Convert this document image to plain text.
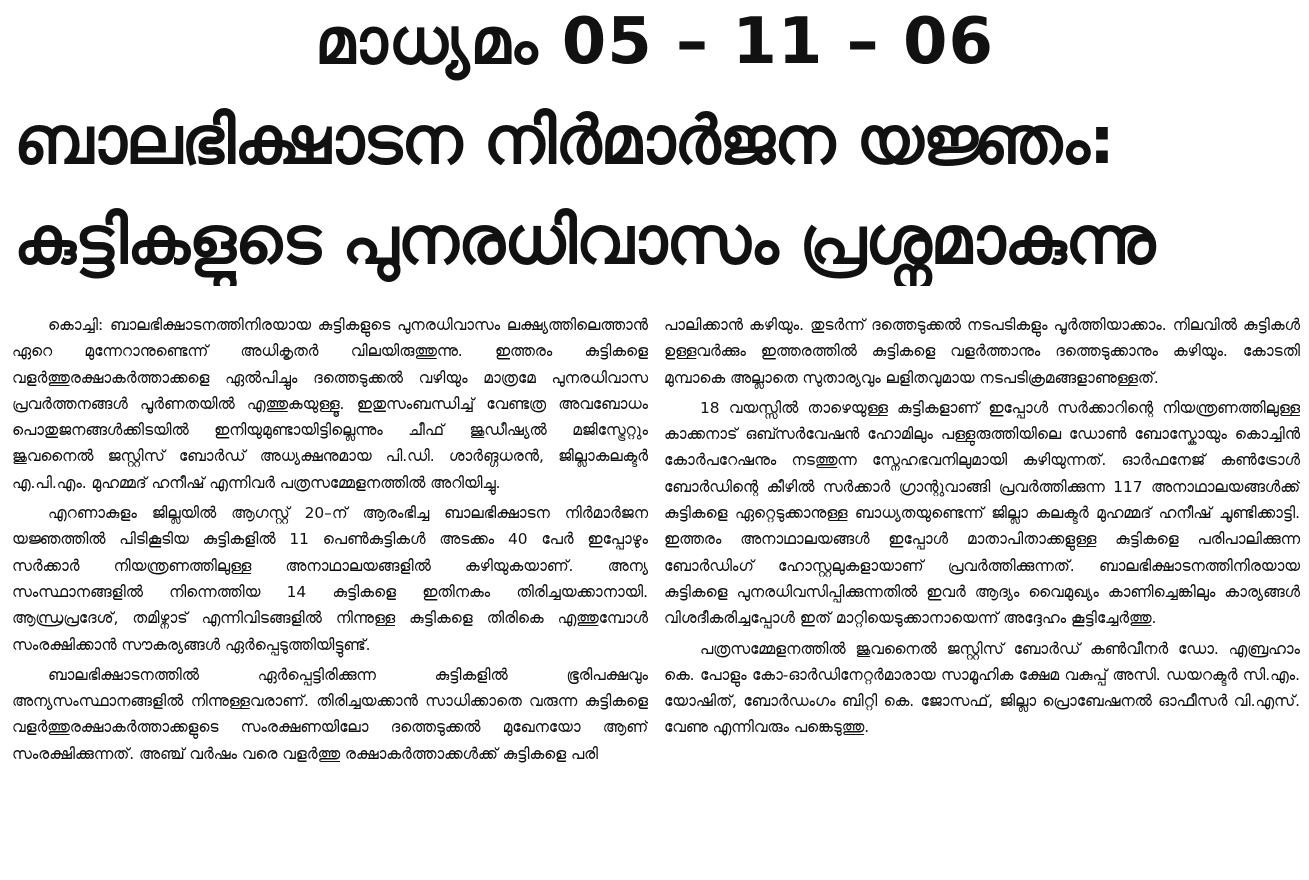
മാധ്യമം 05 – 11 – 06
ബാലഭിക്ഷാടന നിർമാർജന യജ്ഞം:
കുട്ടികളുടെ പുനരധിവാസം പ്രശ്നമാകുന്നു

കൊച്ചി: ബാലഭിക്ഷാടനത്തിനിരയായ കുട്ടികളുടെ പുനരധിവാസം ലക്ഷ്യത്തിലെത്താൻ ഏറെ മുന്നേറാനുണ്ടെന്ന് അധികൃതർ വിലയിരുത്തുന്നു. ഇത്തരം കുട്ടികളെ വളർത്തുരക്ഷാകർത്താക്കളെ ഏൽപിച്ചും ദത്തെടുക്കൽ വഴിയും മാത്രമേ പുനരധിവാസ പ്രവർത്തനങ്ങൾ പൂർണതയിൽ എത്തുകയുള്ളൂ. ഇതുസംബന്ധിച്ച് വേണ്ടത്ര അവബോധം പൊതുജനങ്ങൾക്കിടയിൽ ഇനിയുമുണ്ടായിട്ടില്ലെന്നും ചീഫ് ജുഡീഷ്യൽ മജിസ്ട്രേറ്റും ജുവനൈൽ ജസ്റ്റിസ് ബോർഡ് അധ്യക്ഷനുമായ പി.ഡി. ശാർങ്ഗധരൻ, ജില്ലാകലക്ടർ എ.പി.എം. മുഹമ്മദ് ഹനീഷ് എന്നിവർ പത്രസമ്മേളനത്തിൽ അറിയിച്ചു.

എറണാകുളം ജില്ലയിൽ ആഗസ്റ്റ് 20–ന് ആരംഭിച്ച ബാലഭിക്ഷാടന നിർമാർജന യജ്ഞത്തിൽ പിടികൂടിയ കുട്ടികളിൽ 11 പെൺകുട്ടികൾ അടക്കം 40 പേർ ഇപ്പോഴും സർക്കാർ നിയന്ത്രണത്തിലുള്ള അനാഥാലയങ്ങളിൽ കഴിയുകയാണ്. അന്യ സംസ്ഥാനങ്ങളിൽ നിന്നെത്തിയ 14 കുട്ടികളെ ഇതിനകം തിരിച്ചയക്കാനായി. ആന്ധ്രപ്രദേശ്, തമിഴ്നാട് എന്നിവിടങ്ങളിൽ നിന്നുള്ള കുട്ടികളെ തിരികെ എത്തുമ്പോൾ സംരക്ഷിക്കാൻ സൗകര്യങ്ങൾ ഏർപ്പെടുത്തിയിട്ടുണ്ട്.

ബാലഭിക്ഷാടനത്തിൽ ഏർപ്പെട്ടിരിക്കുന്ന കുട്ടികളിൽ ഭൂരിപക്ഷവും അന്യസംസ്ഥാനങ്ങളിൽ നിന്നുള്ളവരാണ്. തിരിച്ചയക്കാൻ സാധിക്കാതെ വരുന്ന കുട്ടികളെ വളർത്തുരക്ഷാകർത്താക്കളുടെ സംരക്ഷണയിലോ ദത്തെടുക്കൽ മുഖേനയോ ആണ് സംരക്ഷിക്കുന്നത്. അഞ്ച് വർഷം വരെ വളർത്തു രക്ഷാകർത്താക്കൾക്ക് കുട്ടികളെ പരി

പാലിക്കാൻ കഴിയും. തുടർന്ന് ദത്തെടുക്കൽ നടപടികളും പൂർത്തിയാക്കാം. നിലവിൽ കുട്ടികൾ ഉള്ളവർക്കും ഇത്തരത്തിൽ കുട്ടികളെ വളർത്താനും ദത്തെടുക്കാനും കഴിയും. കോടതി മുമ്പാകെ അല്ലാതെ സുതാര്യവും ലളിതവുമായ നടപടിക്രമങ്ങളാണുള്ളത്.

18 വയസ്സിൽ താഴെയുള്ള കുട്ടികളാണ് ഇപ്പോൾ സർക്കാറിന്റെ നിയന്ത്രണത്തിലുള്ള കാക്കനാട് ഒബ്സർവേഷൻ ഹോമിലും പള്ളുരുത്തിയിലെ ഡോൺ ബോസ്കോയും കൊച്ചിൻ കോർപറേഷനും നടത്തുന്ന സ്നേഹഭവനിലുമായി കഴിയുന്നത്. ഓർഫനേജ് കൺട്രോൾ ബോർഡിന്റെ കീഴിൽ സർക്കാർ ഗ്രാന്റുവാങ്ങി പ്രവർത്തിക്കുന്ന 117 അനാഥാലയങ്ങൾക്ക് കുട്ടികളെ ഏറ്റെടുക്കാനുള്ള ബാധ്യതയുണ്ടെന്ന് ജില്ലാ കലക്ടർ മുഹമ്മദ് ഹനീഷ് ചൂണ്ടിക്കാട്ടി. ഇത്തരം അനാഥാലയങ്ങൾ ഇപ്പോൾ മാതാപിതാക്കളുള്ള കുട്ടികളെ പരിപാലിക്കുന്ന ബോർഡിംഗ് ഹോസ്റ്റലുകളായാണ് പ്രവർത്തിക്കുന്നത്. ബാലഭിക്ഷാടനത്തിനിരയായ കുട്ടികളെ പുനരധിവസിപ്പിക്കുന്നതിൽ ഇവർ ആദ്യം വൈമുഖ്യം കാണിച്ചെങ്കിലും കാര്യങ്ങൾ വിശദീകരിച്ചപ്പോൾ ഇത് മാറ്റിയെടുക്കാനായെന്ന് അദ്ദേഹം കൂട്ടിച്ചേർത്തു.

പത്രസമ്മേളനത്തിൽ ജുവനൈൽ ജസ്റ്റിസ് ബോർഡ് കൺവീനർ ഡോ. എബ്രഹാം കെ. പോളും കോ-ഓർഡിനേറ്റർമാരായ സാമൂഹിക ക്ഷേമ വകുപ്പ് അസി. ഡയറക്ടർ സി.എം. യോഷിത്, ബോർഡംഗം ബിറ്റി കെ. ജോസഫ്, ജില്ലാ പ്രൊബേഷനൽ ഓഫീസർ വി.എസ്. വേണു എന്നിവരും പങ്കെടുത്തു.
